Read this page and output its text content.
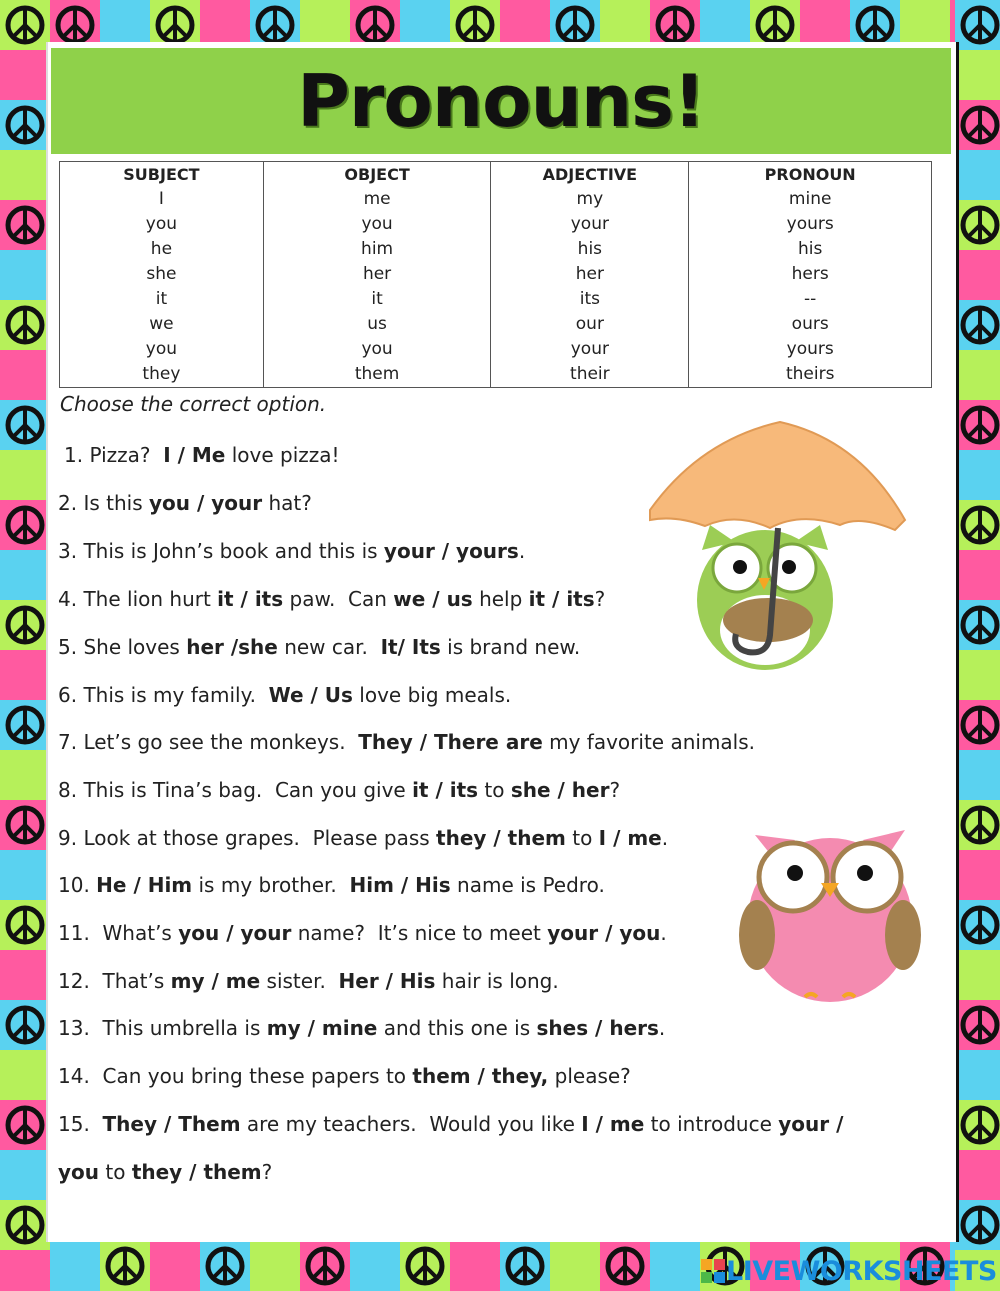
Pronouns!
SUBJECT	OBJECT	ADJECTIVE	PRONOUN
I	me	my	mine
you	you	your	yours
he	him	his	his
she	her	her	hers
it	it	its	--
we	us	our	ours
you	you	your	yours
they	them	their	theirs
Choose the correct option.
1. Pizza?  I / Me love pizza!
2. Is this you / your hat?
3. This is John’s book and this is your / yours.
4. The lion hurt it / its paw.  Can we / us help it / its?
5. She loves her /she new car.  It/ Its is brand new.
6. This is my family.  We / Us love big meals.
7. Let’s go see the monkeys.  They / There are my favorite animals.
8. This is Tina’s bag.  Can you give it / its to she / her?
9. Look at those grapes.  Please pass they / them to I / me.
10. He / Him is my brother.  Him / His name is Pedro.
11.  What’s you / your name?  It’s nice to meet your / you.
12.  That’s my / me sister.  Her / His hair is long.
13.  This umbrella is my / mine and this one is shes / hers.
14.  Can you bring these papers to them / they, please?
15. They / Them are my teachers.  Would you like I / me to introduce your /
you to they / them?
LIVEWORKSHEETS
